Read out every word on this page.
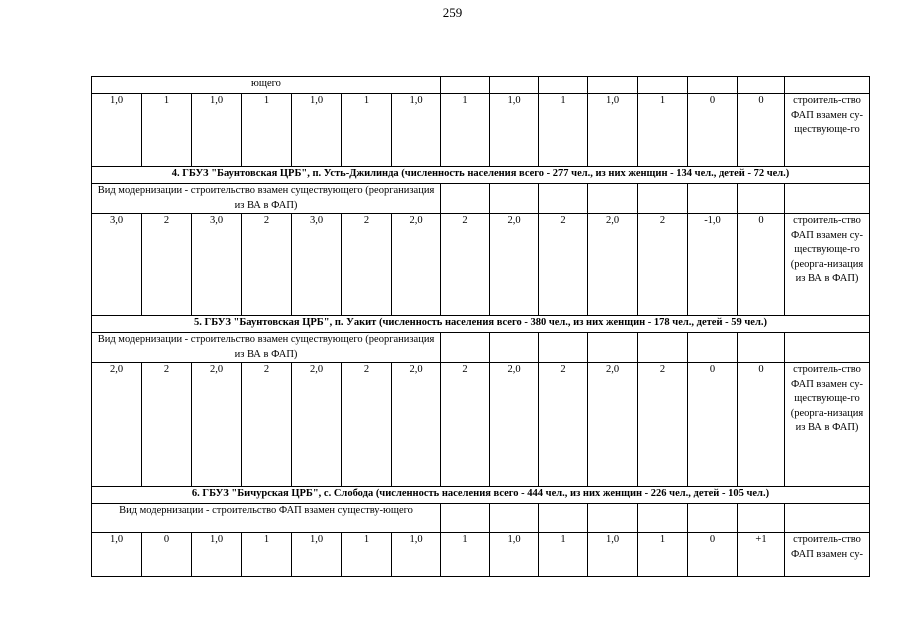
259
ющего														
1,0	1	1,0	1	1,0	1	1,0	1	1,0	1	1,0	1	0	0	строитель-ство ФАП взамен су-ществующе-го
4. ГБУЗ "Баунтовская ЦРБ", п. Усть-Джилинда (численность населения всего - 277 чел., из них женщин - 134 чел., детей - 72 чел.)														
Вид модернизации - строительство взамен существующего (реорганизация из ВА в ФАП)														
3,0	2	3,0	2	3,0	2	2,0	2	2,0	2	2,0	2	-1,0	0	строитель-ство ФАП взамен су-ществующе-го (реорга-низация из ВА в ФАП)
5. ГБУЗ "Баунтовская ЦРБ", п. Уакит (численность населения всего - 380 чел., из них женщин - 178 чел., детей - 59 чел.)														
Вид модернизации - строительство взамен существующего (реорганизация из ВА в ФАП)														
2,0	2	2,0	2	2,0	2	2,0	2	2,0	2	2,0	2	0	0	строитель-ство ФАП взамен су-ществующе-го (реорга-низация из ВА в ФАП)
6. ГБУЗ "Бичурская ЦРБ", с. Слобода (численность населения всего - 444 чел., из них женщин - 226 чел., детей - 105 чел.)														
Вид модернизации - строительство ФАП взамен существу-ющего														
1,0	0	1,0	1	1,0	1	1,0	1	1,0	1	1,0	1	0	+1	строитель-ство ФАП взамен су-
